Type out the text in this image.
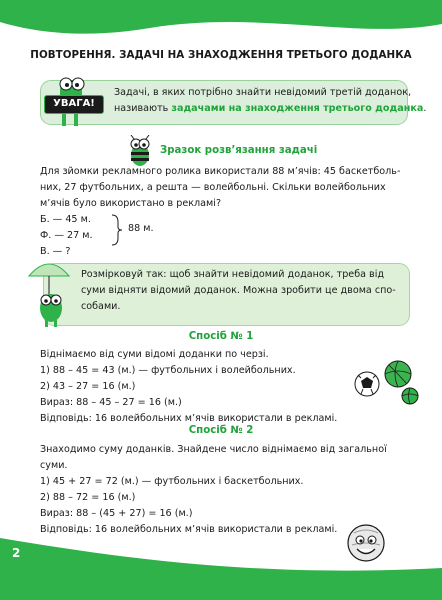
ПОВТОРЕННЯ. ЗАДАЧІ НА ЗНАХОДЖЕННЯ ТРЕТЬОГО ДОДАНКА
УВАГА!
Задачі, в яких потрібно знайти невідомий третій доданок,
називають задачами на знаходження третього доданка.
Зразок розв’язання задачі
Для зйомки рекламного ролика використали 88 м’ячів: 45 баскетболь-
них, 27 футбольних, а решта — волейбольні. Скільки волейбольних
м’ячів було використано в рекламі?
Б. — 45 м.
Ф. — 27 м.
В. — ?
88 м.
Розмірковуй так: щоб знайти невідомий доданок, треба від
суми відняти відомий доданок. Можна зробити це двома спо-
собами.
Спосіб № 1
Віднімаємо від суми відомі доданки по черзі.
1) 88 – 45 = 43 (м.) — футбольних і волейбольних.
2) 43 – 27 = 16 (м.)
Вираз: 88 – 45 – 27 = 16 (м.)
Відповідь: 16 волейбольних м’ячів використали в рекламі.
Спосіб № 2
Знаходимо суму доданків. Знайдене число віднімаємо від загальної
суми.
1) 45 + 27 = 72 (м.) — футбольних і баскетбольних.
2) 88 – 72 = 16 (м.)
Вираз: 88 – (45 + 27) = 16 (м.)
Відповідь: 16 волейбольних м’ячів використали в рекламі.
2
